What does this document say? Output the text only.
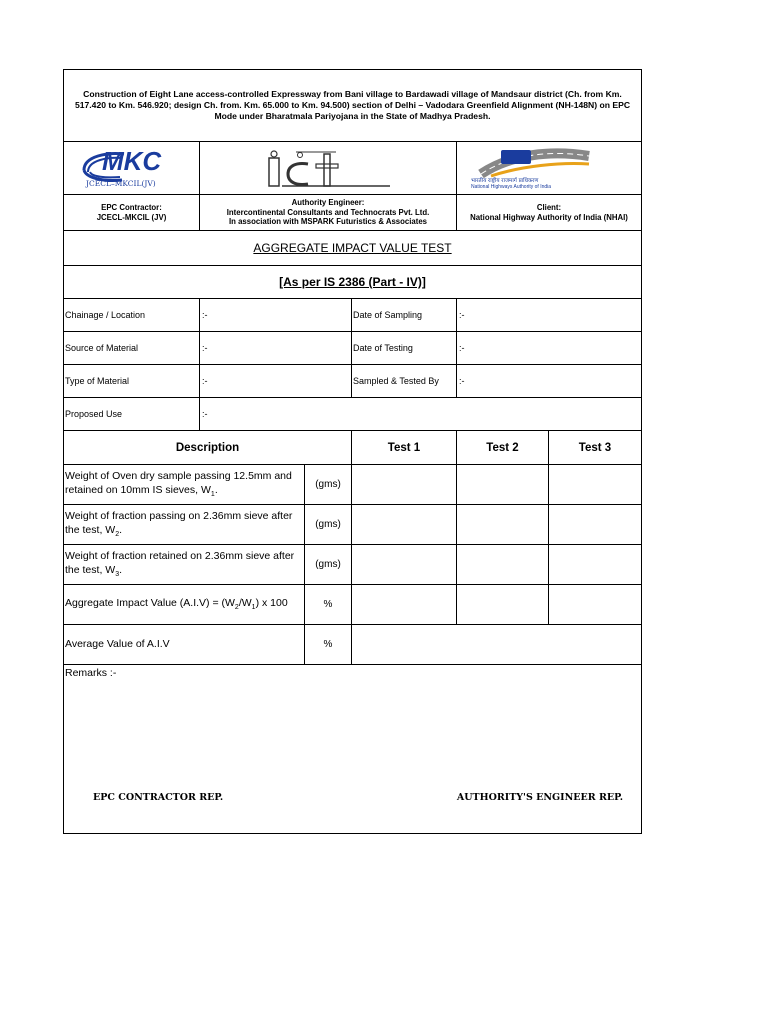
Construction of Eight Lane access-controlled Expressway from Bani village to Bardawadi village of Mandsaur district (Ch. from Km. 517.420 to Km. 546.920; design Ch. from. Km. 65.000 to Km. 94.500) section of Delhi – Vadodara Greenfield Alignment (NH-148N) on EPC Mode under Bharatmala Pariyojana in the State of Madhya Pradesh.
MKC
JCECL–MKCIL(JV)	भारतीय राष्ट्रीय राजमार्ग प्राधिकरण
National Highways Authority of India
EPC Contractor:
JCECL-MKCIL (JV)
Authority Engineer:
Intercontinental Consultants and Technocrats Pvt. Ltd.
In association with MSPARK Futuristics & Associates
Client:
National Highway Authority of India (NHAI)
AGGREGATE IMPACT VALUE TEST
[As per IS 2386 (Part - IV)]
Chainage / Location	:-	Date of Sampling	:-
Source of Material	:-	Date of Testing	:-
Type of Material	:-	Sampled & Tested By	:-
Proposed Use	:-
Description	Test 1	Test 2	Test 3
Weight of Oven dry sample passing 12.5mm and
retained on 10mm IS sieves, $W_1$.	(gms)
Weight of fraction passing on 2.36mm sieve after
the test, $W_2$.	(gms)
Weight of fraction retained on 2.36mm sieve after
the test, $W_3$.	(gms)
Aggregate Impact Value $(A.I.V) = (W_2/W_1)$ x 100	%
Average Value of A.I.V	%
Remarks :-
EPC CONTRACTOR REP.	AUTHORITY'S ENGINEER REP.
